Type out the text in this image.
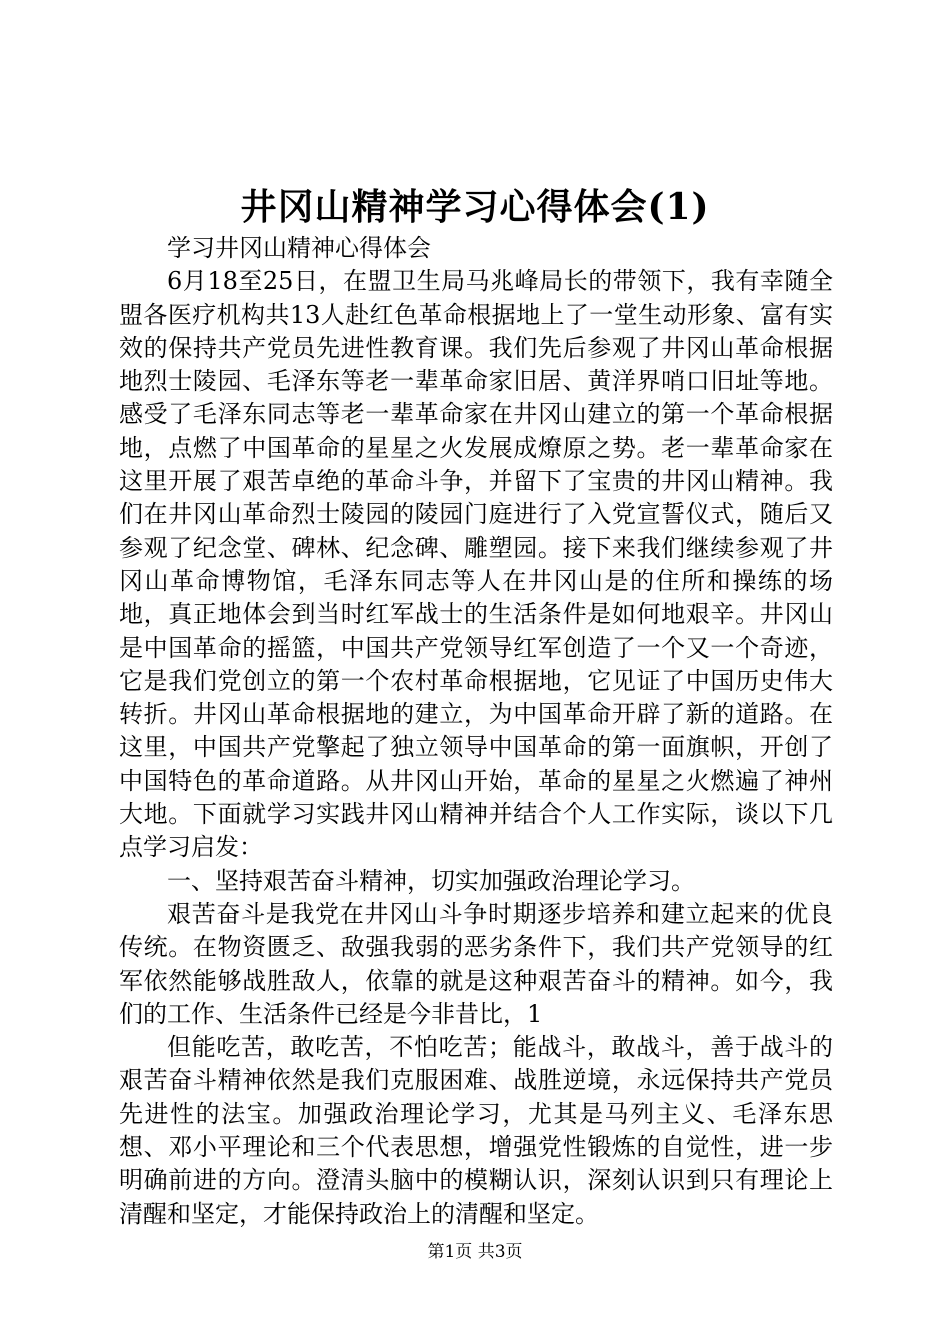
井冈山精神学习心得体会(1)

学习井冈山精神心得体会

6月18至25日，在盟卫生局马兆峰局长的带领下，我有幸随全盟各医疗机构共13人赴红色革命根据地上了一堂生动形象、富有实效的保持共产党员先进性教育课。我们先后参观了井冈山革命根据地烈士陵园、毛泽东等老一辈革命家旧居、黄洋界哨口旧址等地。感受了毛泽东同志等老一辈革命家在井冈山建立的第一个革命根据地，点燃了中国革命的星星之火发展成燎原之势。老一辈革命家在这里开展了艰苦卓绝的革命斗争，并留下了宝贵的井冈山精神。我们在井冈山革命烈士陵园的陵园门庭进行了入党宣誓仪式，随后又参观了纪念堂、碑林、纪念碑、雕塑园。接下来我们继续参观了井冈山革命博物馆，毛泽东同志等人在井冈山是的住所和操练的场地，真正地体会到当时红军战士的生活条件是如何地艰辛。井冈山是中国革命的摇篮，中国共产党领导红军创造了一个又一个奇迹，它是我们党创立的第一个农村革命根据地，它见证了中国历史伟大转折。井冈山革命根据地的建立，为中国革命开辟了新的道路。在这里，中国共产党擎起了独立领导中国革命的第一面旗帜，开创了中国特色的革命道路。从井冈山开始，革命的星星之火燃遍了神州大地。下面就学习实践井冈山精神并结合个人工作实际，谈以下几点学习启发：

一、坚持艰苦奋斗精神，切实加强政治理论学习。

艰苦奋斗是我党在井冈山斗争时期逐步培养和建立起来的优良传统。在物资匮乏、敌强我弱的恶劣条件下，我们共产党领导的红军依然能够战胜敌人，依靠的就是这种艰苦奋斗的精神。如今，我们的工作、生活条件已经是今非昔比，1

但能吃苦，敢吃苦，不怕吃苦；能战斗，敢战斗，善于战斗的艰苦奋斗精神依然是我们克服困难、战胜逆境，永远保持共产党员先进性的法宝。加强政治理论学习，尤其是马列主义、毛泽东思想、邓小平理论和三个代表思想，增强党性锻炼的自觉性，进一步明确前进的方向。澄清头脑中的模糊认识，深刻认识到只有理论上清醒和坚定，才能保持政治上的清醒和坚定。

第1页 共3页
